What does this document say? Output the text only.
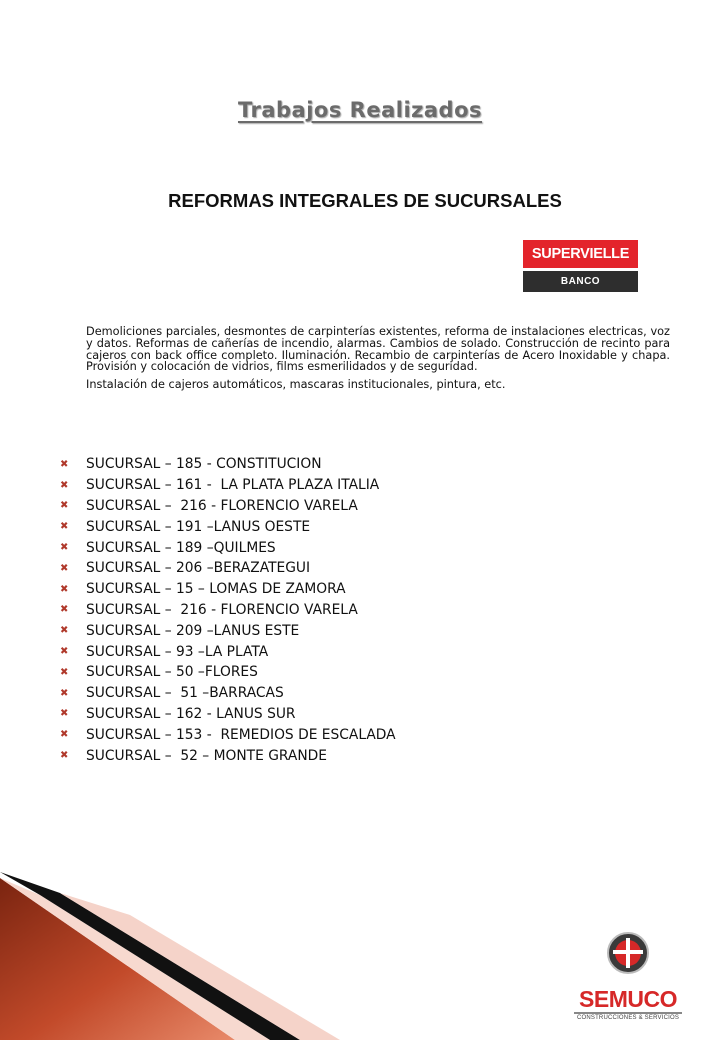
Trabajos Realizados
REFORMAS INTEGRALES DE SUCURSALES
SUPERVIELLE
BANCO

Demoliciones parciales, desmontes de carpinterías existentes, reforma de instalaciones electricas, voz y datos. Reformas de cañerías de incendio, alarmas. Cambios de solado. Construcción de recinto para cajeros con back office completo. Iluminación. Recambio de carpinterías de Acero Inoxidable y chapa. Provisión y colocación de vidrios, films esmerilidados y de seguridad.

Instalación de cajeros automáticos, mascaras institucionales, pintura, etc.

✖	SUCURSAL – 185 - CONSTITUCION
✖	SUCURSAL – 161 -  LA PLATA PLAZA ITALIA
✖	SUCURSAL –  216 - FLORENCIO VARELA
✖	SUCURSAL – 191 –LANUS OESTE
✖	SUCURSAL – 189 –QUILMES
✖	SUCURSAL – 206 –BERAZATEGUI
✖	SUCURSAL – 15 – LOMAS DE ZAMORA
✖	SUCURSAL –  216 - FLORENCIO VARELA
✖	SUCURSAL – 209 –LANUS ESTE
✖	SUCURSAL – 93 –LA PLATA
✖	SUCURSAL – 50 –FLORES
✖	SUCURSAL –  51 –BARRACAS
✖	SUCURSAL – 162 - LANUS SUR
✖	SUCURSAL – 153 -  REMEDIOS DE ESCALADA
✖	SUCURSAL –  52 – MONTE GRANDE
SEMUCO
CONSTRUCCIONES & SERVICIOS
